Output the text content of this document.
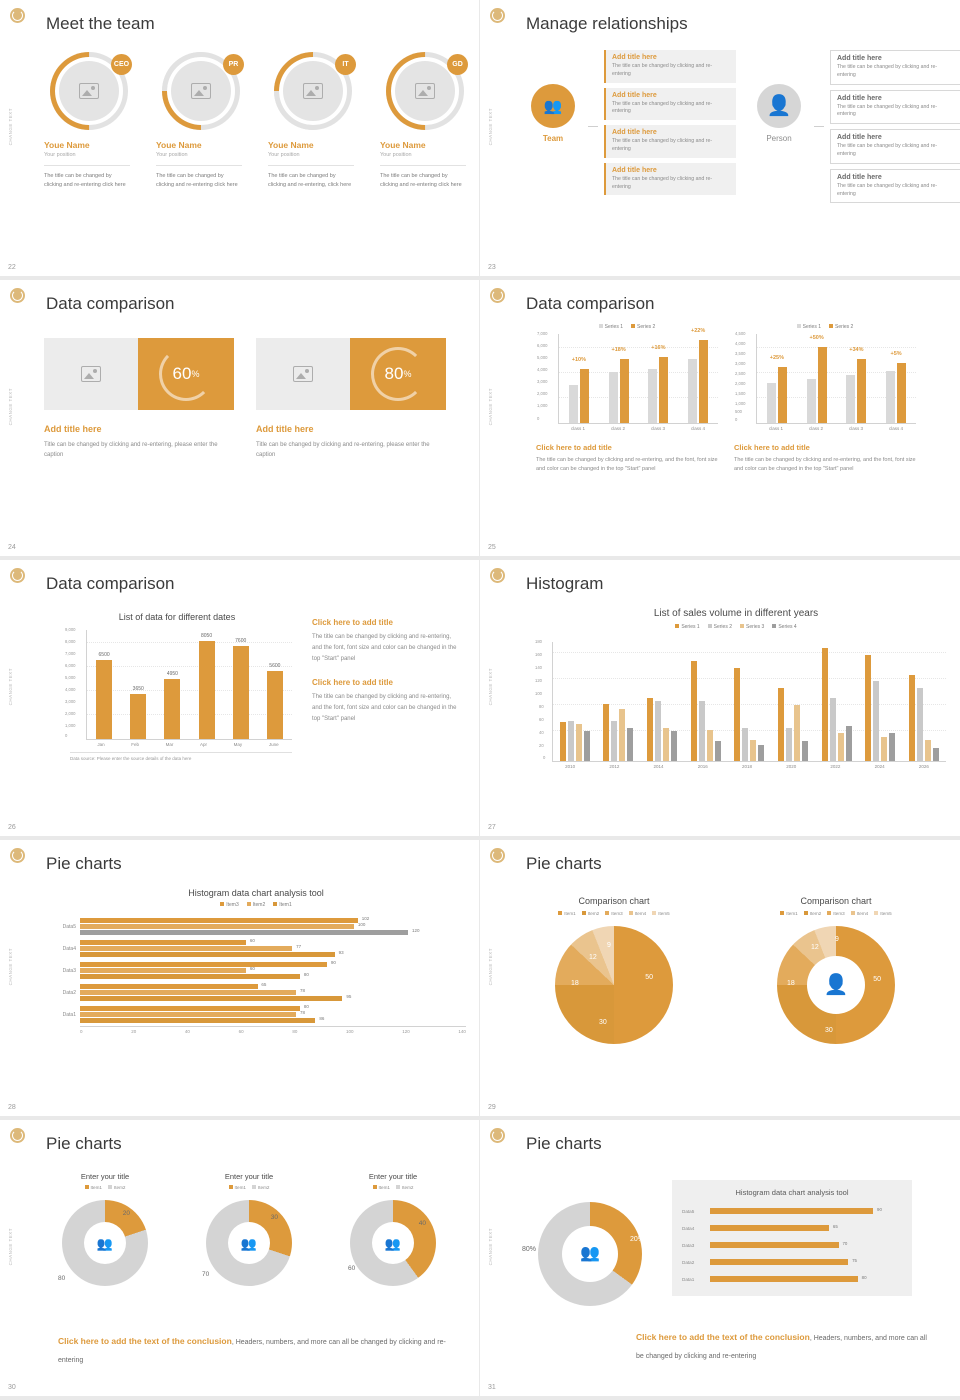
CHANGE TEXT
Meet the team
CEO
Youe Name
Your position
The title can be changed by clicking and re-entering click here
PR
Youe Name
Your position
The title can be changed by clicking and re-entering click here
IT
Youe Name
Your position
The title can be changed by clicking and re-entering, click here
GD
Youe Name
Your position
The title can be changed by clicking and re-entering click here
22
CHANGE TEXT
Manage relationships
👥
Team
Add title here
The title can be changed by clicking and re-entering
Add title here
The title can be changed by clicking and re-entering
Add title here
The title can be changed by clicking and re-entering
Add title here
The title can be changed by clicking and re-entering
👤
Person
Add title here
The title can be changed by clicking and re-entering
Add title here
The title can be changed by clicking and re-entering
Add title here
The title can be changed by clicking and re-entering
Add title here
The title can be changed by clicking and re-entering
23
CHANGE TEXT
Data comparison
60 %
Add title here
Title can be changed by clicking and re-entering, please enter the caption
80 %
Add title here
Title can be changed by clicking and re-entering, please enter the caption
24
CHANGE TEXT
Data comparison
Series 1	Series 2
7,000
6,000
5,000
4,000
3,000
2,000
1,000
0
+10%
+18%	+16%
+22%
class 1	class 2	class 3	class 4
Click here to add title
The title can be changed by clicking and re-entering, and the font, font size and color can be changed in the top "Start" panel
Series 1	Series 2
4,500
4,000
3,500
3,000
2,500
2,000
1,500
1,000
500
0
+25%
+50%
+34%
+5%
class 1	class 2	class 3	class 4
Click here to add title
The title can be changed by clicking and re-entering, and the font, font size and color can be changed in the top "Start" panel
25
CHANGE TEXT
Data comparison
List of data for different dates
9,000
8,000
7,000
6,000
5,000
4,000
3,000
2,000
1,000
0
6500
3650
4950
8050
7600
5600
Jan	Feb	Mar	Apr	May	June
Data source: Please enter the source details of the data here
Click here to add title
The title can be changed by clicking and re-entering, and the font, font size and color can be changed in the top "Start" panel
Click here to add title
The title can be changed by clicking and re-entering, and the font, font size and color can be changed in the top "Start" panel
26
CHANGE TEXT
Histogram
List of sales volume in different years
Series 1	Series 2	Series 3	Series 4
180
160
140
120
100
80
60
40
20
0
2010	2012	2014	2016	2018	2020	2022	2024	2026
27
CHANGE TEXT
Pie charts
Histogram data chart analysis tool
Item3	Item2	Item1
Data5
102
100
120
Data4
60
77
93
Data3
90
60
80
Data2
65
78
95
Data1
80
78
86
0	20	40	60	80	100	120	140
28
CHANGE TEXT
Pie charts
Comparison chart
Item1	Item2	Item3	Item4	Item5
50
30
18
12
9
Comparison chart
Item1	Item2	Item3	Item4	Item5
50
30
18
12
9
👤
29
CHANGE TEXT
Pie charts
Enter your title
Item1	Item2
20
80
👥
Enter your title
Item1	Item2
30
70
👥
Enter your title
Item1	Item2
40
60
👥
Click here to add the text of the conclusion, Headers, numbers, and more can all be changed by clicking and re-entering
30
CHANGE TEXT
Pie charts
80%
20%
👥
Histogram data chart analysis tool
Data5	90
Data4	65
Data3	70
Data2	75
Data1	80
Click here to add the text of the conclusion, Headers, numbers, and more can all be changed by clicking and re-entering
31
